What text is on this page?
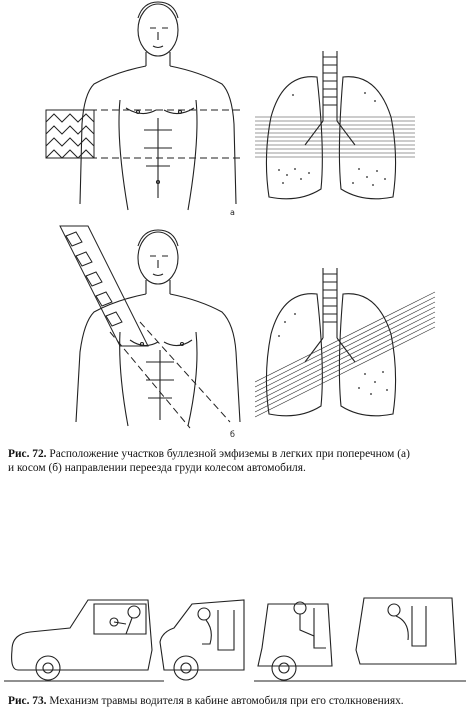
а
б
Рис. 72. Расположение участков буллезной эмфиземы в легких при поперечном (а)
и косом (б) направлении переезда груди колесом автомобиля.
Рис. 73. Механизм травмы водителя в кабине автомобиля при его столкновениях.
